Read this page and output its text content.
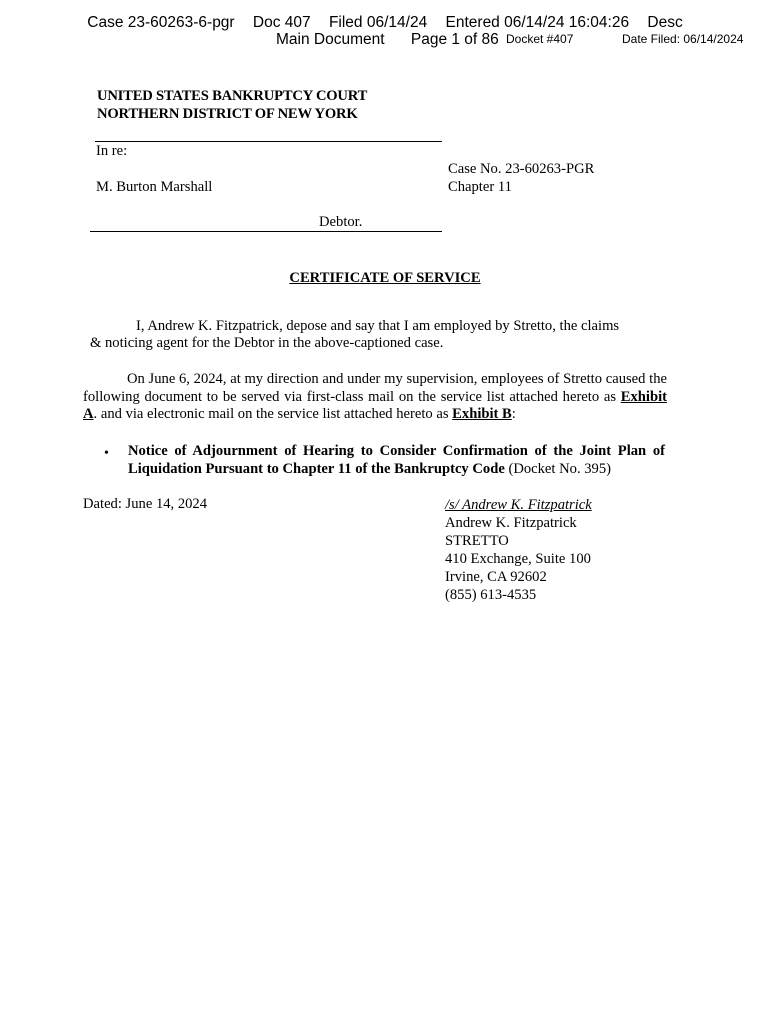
Case 23-60263-6-pgr Doc 407 Filed 06/14/24 Entered 06/14/24 16:04:26 Desc
Main Document Page 1 of 86 Docket #407	Date Filed: 06/14/2024
UNITED STATES BANKRUPTCY COURT
NORTHERN DISTRICT OF NEW YORK
In re:
M. Burton Marshall
Debtor.
Case No. 23-60263-PGR
Chapter 11
CERTIFICATE OF SERVICE
I, Andrew K. Fitzpatrick, depose and say that I am employed by Stretto, the claims
& noticing agent for the Debtor in the above-captioned case.
On June 6, 2024, at my direction and under my supervision, employees of Stretto caused the following document to be served via first-class mail on the service list attached hereto as Exhibit A. and via electronic mail on the service list attached hereto as Exhibit B:
• Notice of Adjournment of Hearing to Consider Confirmation of the Joint Plan of Liquidation Pursuant to Chapter 11 of the Bankruptcy Code (Docket No. 395)
Dated: June 14, 2024	/s/ Andrew K. Fitzpatrick
Andrew K. Fitzpatrick
STRETTO
410 Exchange, Suite 100
Irvine, CA 92602
(855) 613-4535
